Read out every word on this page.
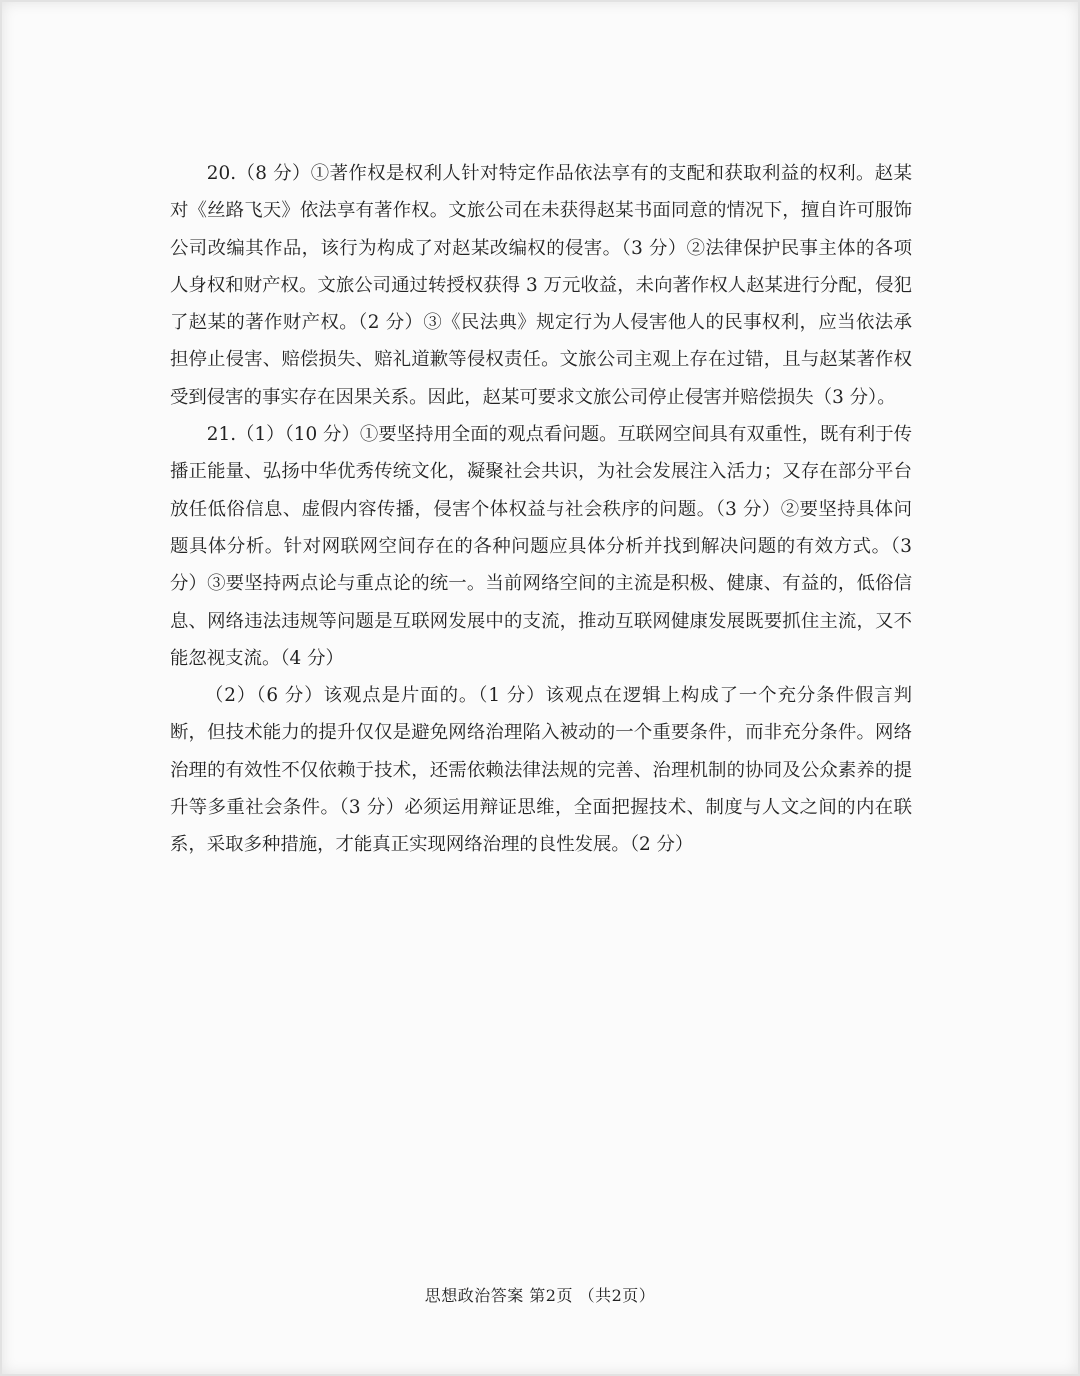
20.（8 分）①著作权是权利人针对特定作品依法享有的支配和获取利益的权利。赵某对《丝路飞天》依法享有著作权。文旅公司在未获得赵某书面同意的情况下，擅自许可服饰公司改编其作品，该行为构成了对赵某改编权的侵害。（3 分）②法律保护民事主体的各项人身权和财产权。文旅公司通过转授权获得 3 万元收益，未向著作权人赵某进行分配，侵犯了赵某的著作财产权。（2 分）③《民法典》规定行为人侵害他人的民事权利，应当依法承担停止侵害、赔偿损失、赔礼道歉等侵权责任。文旅公司主观上存在过错，且与赵某著作权受到侵害的事实存在因果关系。因此，赵某可要求文旅公司停止侵害并赔偿损失（3 分）。

21.（1）（10 分）①要坚持用全面的观点看问题。互联网空间具有双重性，既有利于传播正能量、弘扬中华优秀传统文化，凝聚社会共识，为社会发展注入活力；又存在部分平台放任低俗信息、虚假内容传播，侵害个体权益与社会秩序的问题。（3 分）②要坚持具体问题具体分析。针对网联网空间存在的各种问题应具体分析并找到解决问题的有效方式。（3 分）③要坚持两点论与重点论的统一。当前网络空间的主流是积极、健康、有益的，低俗信息、网络违法违规等问题是互联网发展中的支流，推动互联网健康发展既要抓住主流，又不能忽视支流。（4 分）

（2）（6 分）该观点是片面的。（1 分）该观点在逻辑上构成了一个充分条件假言判断，但技术能力的提升仅仅是避免网络治理陷入被动的一个重要条件，而非充分条件。网络治理的有效性不仅依赖于技术，还需依赖法律法规的完善、治理机制的协同及公众素养的提升等多重社会条件。（3 分）必须运用辩证思维，全面把握技术、制度与人文之间的内在联系，采取多种措施，才能真正实现网络治理的良性发展。（2 分）

思想政治答案 第2页 （共2页）
